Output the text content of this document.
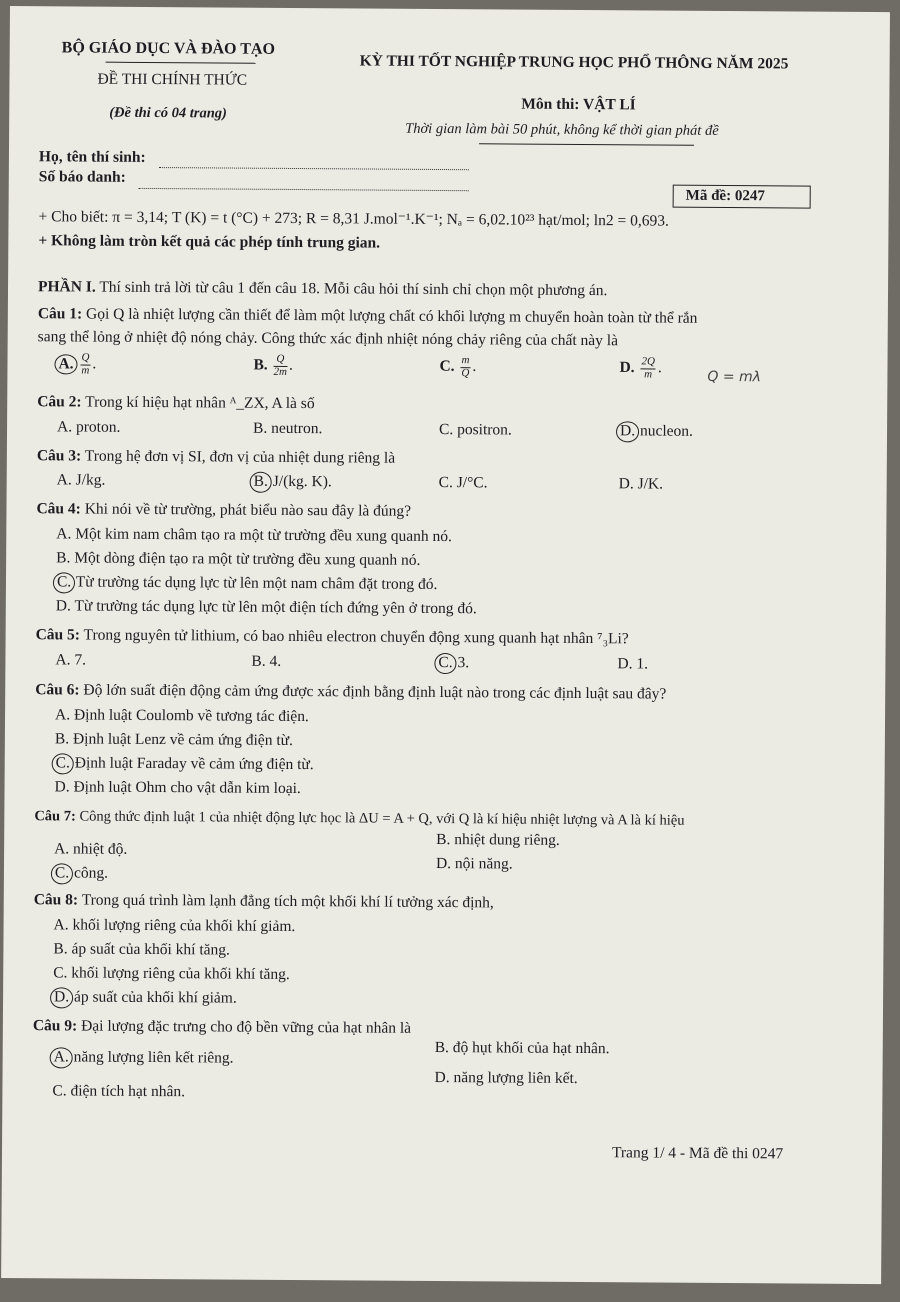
BỘ GIÁO DỤC VÀ ĐÀO TẠO
ĐỀ THI CHÍNH THỨC
(Đề thi có 04 trang)
KỲ THI TỐT NGHIỆP TRUNG HỌC PHỔ THÔNG NĂM 2025
Môn thi: VẬT LÍ
Thời gian làm bài 50 phút, không kể thời gian phát đề
Họ, tên thí sinh:
Số báo danh:
Mã đề: 0247
+ Cho biết: π = 3,14; T (K) = t (°C) + 273; R = 8,31 J.mol⁻¹.K⁻¹; Nₐ = 6,02.10²³ hạt/mol; ln2 = 0,693.
+ Không làm tròn kết quả các phép tính trung gian.
PHẦN I. Thí sinh trả lời từ câu 1 đến câu 18. Mỗi câu hỏi thí sinh chỉ chọn một phương án.
Câu 1: Gọi Q là nhiệt lượng cần thiết để làm một lượng chất có khối lượng m chuyển hoàn toàn từ thể rắn
sang thể lỏng ở nhiệt độ nóng chảy. Công thức xác định nhiệt nóng chảy riêng của chất này là
A. $\frac{Q}{m}$ .	B. $\frac{Q}{2m}$ .	C. $\frac{m}{Q}$ .	D. $\frac{2Q}{m}$ .
Q = mλ
Câu 2: Trong kí hiệu hạt nhân ᴬ_ZX, A là số
A. proton.	B. neutron.	C. positron.	D. nucleon.
Câu 3: Trong hệ đơn vị SI, đơn vị của nhiệt dung riêng là
A. J/kg.	B. J/(kg. K).	C. J/°C.	D. J/K.
Câu 4: Khi nói về từ trường, phát biểu nào sau đây là đúng?
A. Một kim nam châm tạo ra một từ trường đều xung quanh nó.
B. Một dòng điện tạo ra một từ trường đều xung quanh nó.
C. Từ trường tác dụng lực từ lên một nam châm đặt trong đó.
D. Từ trường tác dụng lực từ lên một điện tích đứng yên ở trong đó.
Câu 5: Trong nguyên tử lithium, có bao nhiêu electron chuyển động xung quanh hạt nhân ⁷₃Li?
A. 7.	B. 4.	C. 3.	D. 1.
Câu 6: Độ lớn suất điện động cảm ứng được xác định bằng định luật nào trong các định luật sau đây?
A. Định luật Coulomb về tương tác điện.
B. Định luật Lenz về cảm ứng điện từ.
C. Định luật Faraday về cảm ứng điện từ.
D. Định luật Ohm cho vật dẫn kim loại.
Câu 7: Công thức định luật 1 của nhiệt động lực học là ΔU = A + Q, với Q là kí hiệu nhiệt lượng và A là kí hiệu
B. nhiệt dung riêng.
A. nhiệt độ.
D. nội năng.
C. công.
Câu 8: Trong quá trình làm lạnh đẳng tích một khối khí lí tưởng xác định,
A. khối lượng riêng của khối khí giảm.
B. áp suất của khối khí tăng.
C. khối lượng riêng của khối khí tăng.
D. áp suất của khối khí giảm.
Câu 9: Đại lượng đặc trưng cho độ bền vững của hạt nhân là
B. độ hụt khối của hạt nhân.
A. năng lượng liên kết riêng.
D. năng lượng liên kết.
C. điện tích hạt nhân.
Trang 1/ 4 - Mã đề thi 0247
